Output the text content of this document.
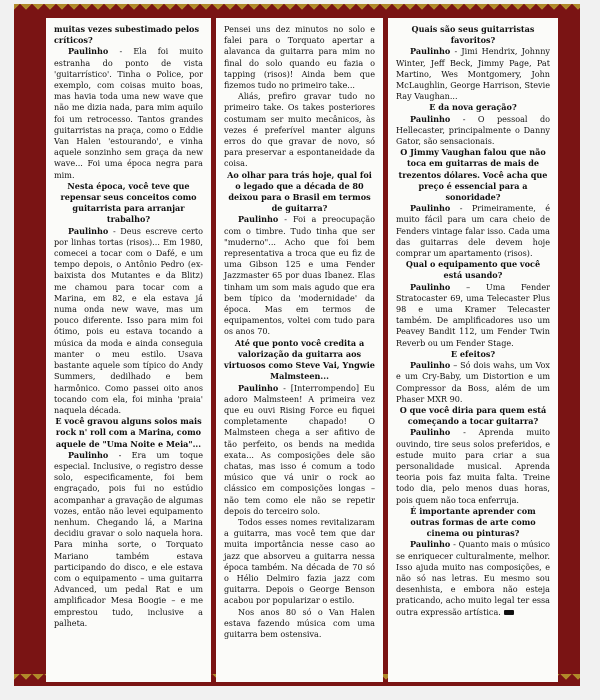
muitas vezes subestimado pelos críticos?

Paulinho - Ela foi muito estranha do ponto de vista 'guitarrístico'. Tinha o Police, por exemplo, com coisas muito boas, mas havia toda uma new wave que não me dizia nada, para mim aquilo foi um retrocesso. Tantos grandes guitarristas na praça, como o Eddie Van Halen 'estourando', e vinha aquele sonzinho sem graça da new wave... Foi uma época negra para mim.

Nesta época, você teve que repensar seus conceitos como guitarrista para arranjar trabalho?

Paulinho - Deus escreve certo por linhas tortas (risos)... Em 1980, comecei a tocar com o Dafé, e um tempo depois, o Antônio Pedro (ex-baixista dos Mutantes e da Blitz) me chamou para tocar com a Marina, em 82, e ela estava já numa onda new wave, mas um pouco diferente. Isso para mim foi ótimo, pois eu estava tocando a música da moda e ainda conseguia manter o meu estilo. Usava bastante aquele som típico do Andy Summers, dedilhado e bem harmônico. Como passei oito anos tocando com ela, foi minha 'praia' naquela década.

E você gravou alguns solos mais rock n' roll com a Marina, como aquele de "Uma Noite e Meia"...

Paulinho - Era um toque especial. Inclusive, o registro desse solo, especificamente, foi bem engraçado, pois fui no estúdio acompanhar a gravação de algumas vozes, então não levei equipamento nenhum. Chegando lá, a Marina decidiu gravar o solo naquela hora. Para minha sorte, o Torquato Mariano também estava participando do disco, e ele estava com o equipamento – uma guitarra Advanced, um pedal Rat e um amplificador Mesa Boogie – e me emprestou tudo, inclusive a palheta.

Pensei uns dez minutos no solo e falei para o Torquato apertar a alavanca da guitarra para mim no final do solo quando eu fazia o tapping (risos)! Ainda bem que fizemos tudo no primeiro take...

Aliás, prefiro gravar tudo no primeiro take. Os takes posteriores costumam ser muito mecânicos, às vezes é preferível manter alguns erros do que gravar de novo, só para preservar a espontaneidade da coisa.

Ao olhar para trás hoje, qual foi o legado que a década de 80 deixou para o Brasil em termos de guitarra?

Paulinho - Foi a preocupação com o timbre. Tudo tinha que ser "muderno"... Acho que foi bem representativa a troca que eu fiz de uma Gibson 125 e uma Fender Jazzmaster 65 por duas Ibanez. Elas tinham um som mais agudo que era bem típico da 'modernidade' da época. Mas em termos de equipamentos, voltei com tudo para os anos 70.

Até que ponto você credita a valorização da guitarra aos virtuosos como Steve Vai, Yngwie Malmsteen...

Paulinho - [Interrompendo] Eu adoro Malmsteen! A primeira vez que eu ouvi Rising Force eu fiquei completamente chapado! O Malmsteen chega a ser afitivo de tão perfeito, os bends na medida exata... As composições dele são chatas, mas isso é comum a todo músico que vá unir o rock ao clássico em composições longas – não tem como ele não se repetir depois do terceiro solo.

Todos esses nomes revitalizaram a guitarra, mas você tem que dar muita importância nesse caso ao jazz que absorveu a guitarra nessa época também. Na década de 70 só o Hélio Delmiro fazia jazz com guitarra. Depois o George Benson acabou por popularizar o estilo.

Nos anos 80 só o Van Halen estava fazendo música com uma guitarra bem ostensiva.

Quais são seus guitarristas favoritos?

Paulinho - Jimi Hendrix, Johnny Winter, Jeff Beck, Jimmy Page, Pat Martino, Wes Montgomery, John McLaughlin, George Harrison, Stevie Ray Vaughan...

E da nova geração?

Paulinho - O pessoal do Hellecaster, principalmente o Danny Gator, são sensacionais.

O Jimmy Vaughan falou que não toca em guitarras de mais de trezentos dólares. Você acha que preço é essencial para a sonoridade?

Paulinho - Primeiramente, é muito fácil para um cara cheio de Fenders vintage falar isso. Cada uma das guitarras dele devem hoje comprar um apartamento (risos).

Qual o equipamento que você está usando?

Paulinho – Uma Fender Stratocaster 69, uma Telecaster Plus 98 e uma Kramer Telecaster também. De amplificadores uso um Peavey Bandit 112, um Fender Twin Reverb ou um Fender Stage.

E efeitos?

Paulinho – Só dois wahs, um Vox e um Cry-Baby, um Distortion e um Compressor da Boss, além de um Phaser MXR 90.

O que você diria para quem está começando a tocar guitarra?

Paulinho - Aprenda muito ouvindo, tire seus solos preferidos, e estude muito para criar a sua personalidade musical. Aprenda teoria pois faz muita falta. Treine todo dia, pelo menos duas horas, pois quem não toca enferruja.

É importante aprender com outras formas de arte como cinema ou pinturas?

Paulinho - Quanto mais o músico se enriquecer culturalmente, melhor. Isso ajuda muito nas composições, e não só nas letras. Eu mesmo sou desenhista, e embora não esteja praticando, acho muito legal ter essa outra expressão artística.
